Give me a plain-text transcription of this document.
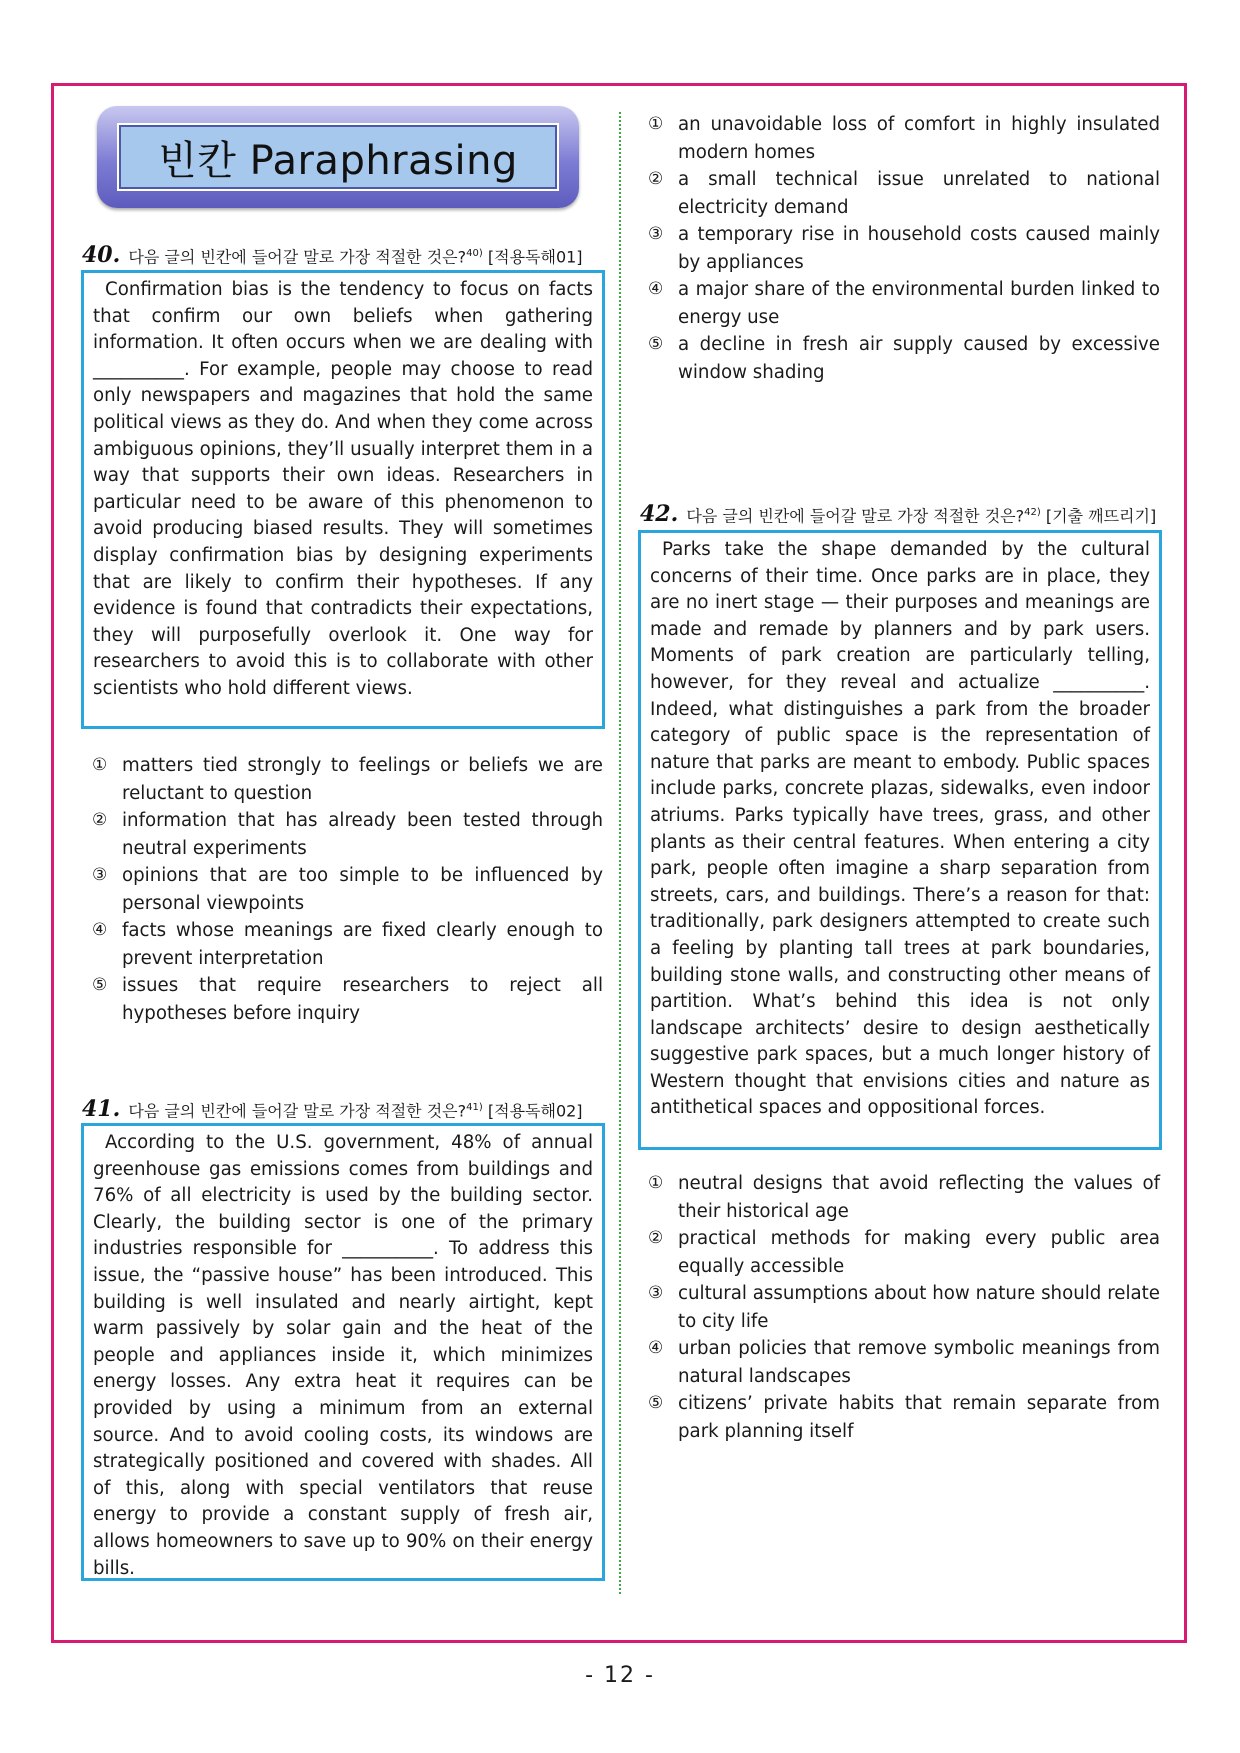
빈칸 Paraphrasing
40. 다음 글의 빈칸에 들어갈 말로 가장 적절한 것은?$^{40)}$ [적용독해01]
Confirmation bias is the tendency to focus on facts that confirm our own beliefs when gathering information. It often occurs when we are dealing with __________. For example, people may choose to read only newspapers and magazines that hold the same political views as they do. And when they come across ambiguous opinions, they’ll usually interpret them in a way that supports their own ideas. Researchers in particular need to be aware of this phenomenon to avoid producing biased results. They will sometimes display confirmation bias by designing experiments that are likely to confirm their hypotheses. If any evidence is found that contradicts their expectations, they will purposefully overlook it. One way for researchers to avoid this is to collaborate with other scientists who hold different views.
① matters tied strongly to feelings or beliefs we are reluctant to question
② information that has already been tested through neutral experiments
③ opinions that are too simple to be influenced by personal viewpoints
④ facts whose meanings are fixed clearly enough to prevent interpretation
⑤ issues that require researchers to reject all hypotheses before inquiry
41. 다음 글의 빈칸에 들어갈 말로 가장 적절한 것은?$^{41)}$ [적용독해02]
According to the U.S. government, 48% of annual greenhouse gas emissions comes from buildings and 76% of all electricity is used by the building sector. Clearly, the building sector is one of the primary industries responsible for __________. To address this issue, the “passive house” has been introduced. This building is well insulated and nearly airtight, kept warm passively by solar gain and the heat of the people and appliances inside it, which minimizes energy losses. Any extra heat it requires can be provided by using a minimum from an external source. And to avoid cooling costs, its windows are strategically positioned and covered with shades. All of this, along with special ventilators that reuse energy to provide a constant supply of fresh air, allows homeowners to save up to 90% on their energy bills.
① an unavoidable loss of comfort in highly insulated modern homes
② a small technical issue unrelated to national electricity demand
③ a temporary rise in household costs caused mainly by appliances
④ a major share of the environmental burden linked to energy use
⑤ a decline in fresh air supply caused by excessive window shading
42. 다음 글의 빈칸에 들어갈 말로 가장 적절한 것은?$^{42)}$ [기출 깨뜨리기]
Parks take the shape demanded by the cultural concerns of their time. Once parks are in place, they are no inert stage — their purposes and meanings are made and remade by planners and by park users. Moments of park creation are particularly telling, however, for they reveal and actualize __________. Indeed, what distinguishes a park from the broader category of public space is the representation of nature that parks are meant to embody. Public spaces include parks, concrete plazas, sidewalks, even indoor atriums. Parks typically have trees, grass, and other plants as their central features. When entering a city park, people often imagine a sharp separation from streets, cars, and buildings. There’s a reason for that: traditionally, park designers attempted to create such a feeling by planting tall trees at park boundaries, building stone walls, and constructing other means of partition. What’s behind this idea is not only landscape architects’ desire to design aesthetically suggestive park spaces, but a much longer history of Western thought that envisions cities and nature as antithetical spaces and oppositional forces.
① neutral designs that avoid reflecting the values of their historical age
② practical methods for making every public area equally accessible
③ cultural assumptions about how nature should relate to city life
④ urban policies that remove symbolic meanings from natural landscapes
⑤ citizens’ private habits that remain separate from park planning itself
- 12 -
